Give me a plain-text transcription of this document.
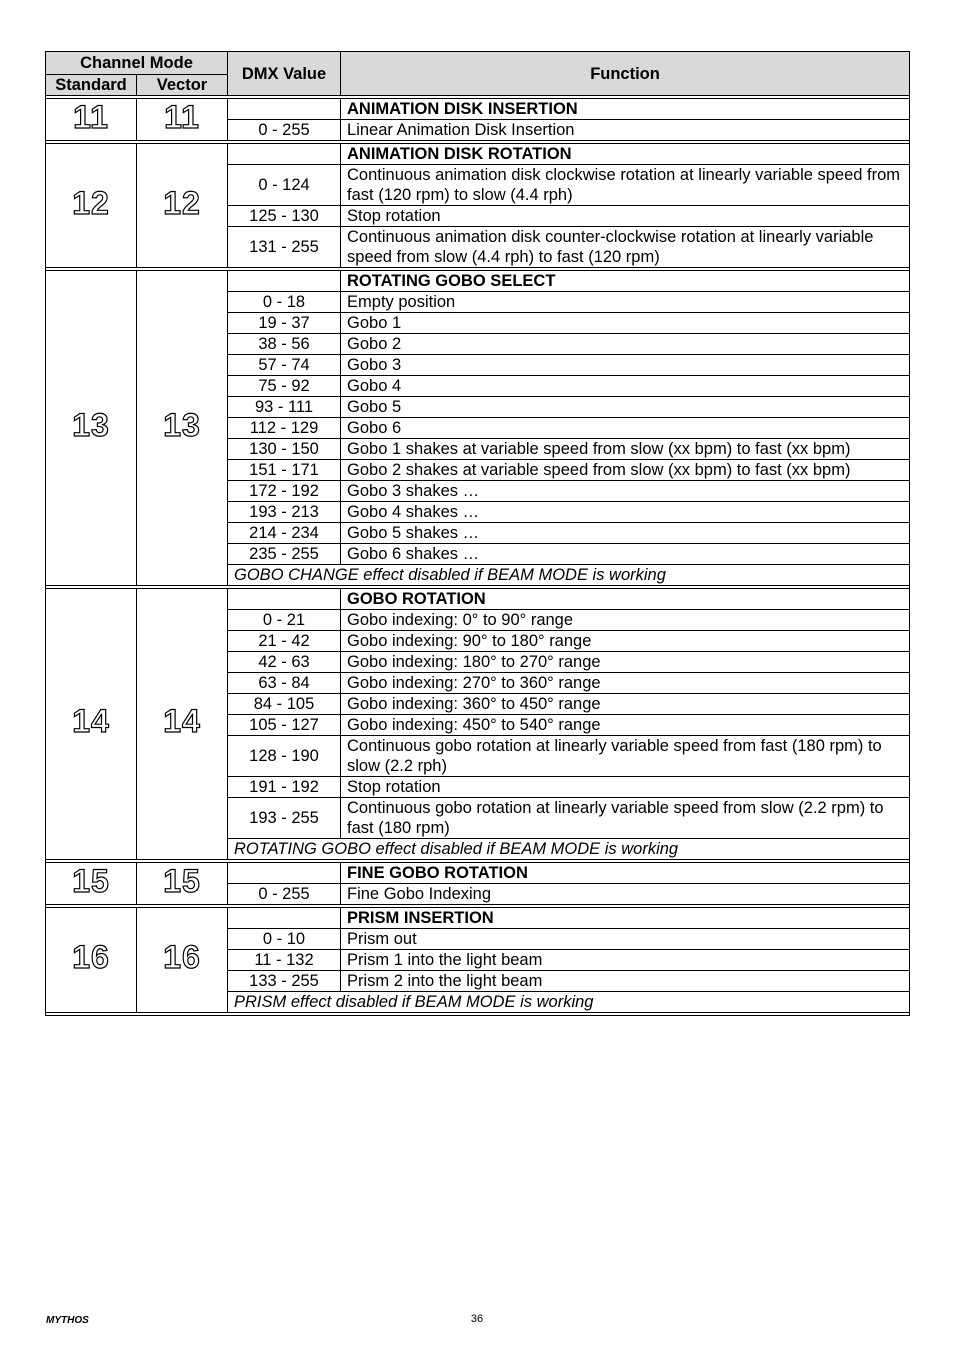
Channel Mode		DMX Value	Function
Standard	Vector		

11	11		ANIMATION DISK INSERTION
		0 - 255	Linear Animation Disk Insertion

12	12		ANIMATION DISK ROTATION
		0 - 124	Continuous animation disk clockwise rotation at linearly variable speed from fast (120 rpm) to slow (4.4 rph)
		125 - 130	Stop rotation
		131 - 255	Continuous animation disk counter-clockwise rotation at linearly variable speed from slow (4.4 rph) to fast (120 rpm)

13	13		ROTATING GOBO SELECT
		0 - 18	Empty position
		19 - 37	Gobo 1
		38 - 56	Gobo 2
		57 - 74	Gobo 3
		75 - 92	Gobo 4
		93 - 111	Gobo 5
		112 - 129	Gobo 6
		130 - 150	Gobo 1 shakes at variable speed from slow (xx bpm) to fast (xx bpm)
		151 - 171	Gobo 2 shakes at variable speed from slow (xx bpm) to fast (xx bpm)
		172 - 192	Gobo 3 shakes …
		193 - 213	Gobo 4 shakes …
		214 - 234	Gobo 5 shakes …
		235 - 255	Gobo 6 shakes …
		GOBO CHANGE effect disabled if BEAM MODE is working	

14	14		GOBO ROTATION
		0 - 21	Gobo indexing: 0° to 90° range
		21 - 42	Gobo indexing: 90° to 180° range
		42 - 63	Gobo indexing: 180° to 270° range
		63 - 84	Gobo indexing: 270° to 360° range
		84 - 105	Gobo indexing: 360° to 450° range
		105 - 127	Gobo indexing: 450° to 540° range
		128 - 190	Continuous gobo rotation at linearly variable speed from fast (180 rpm) to slow (2.2 rph)
		191 - 192	Stop rotation
		193 - 255	Continuous gobo rotation at linearly variable speed from slow (2.2 rpm) to fast (180 rpm)
		ROTATING GOBO effect disabled if BEAM MODE is working	

15	15		FINE GOBO ROTATION
		0 - 255	Fine Gobo Indexing

16	16		PRISM INSERTION
		0 - 10	Prism out
		11 - 132	Prism 1 into the light beam
		133 - 255	Prism 2 into the light beam
		PRISM effect disabled if BEAM MODE is working	

MYTHOS	36
